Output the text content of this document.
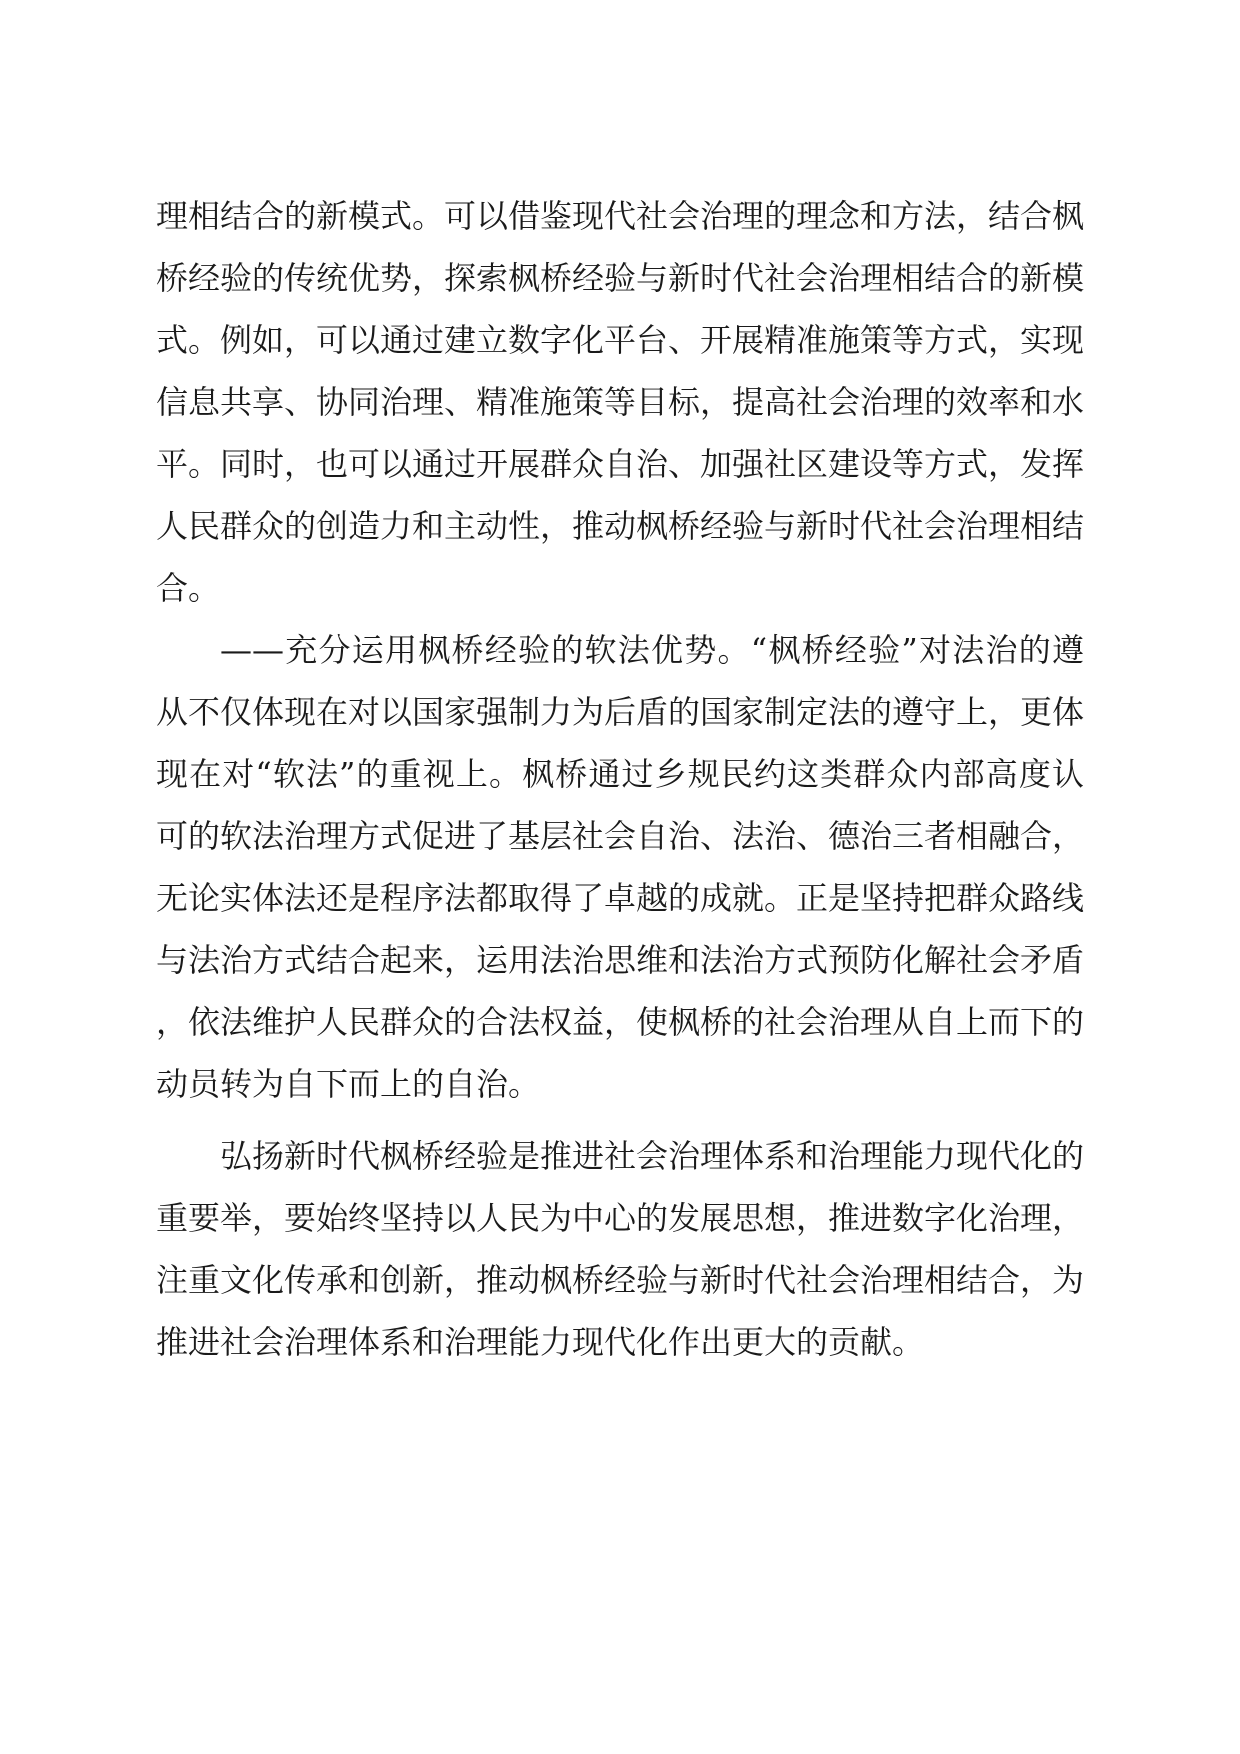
理相结合的新模式。可以借鉴现代社会治理的理念和方法，结合枫桥经验的传统优势，探索枫桥经验与新时代社会治理相结合的新模式。例如，可以通过建立数字化平台、开展精准施策等方式，实现信息共享、协同治理、精准施策等目标，提高社会治理的效率和水平。同时，也可以通过开展群众自治、加强社区建设等方式，发挥人民群众的创造力和主动性，推动枫桥经验与新时代社会治理相结合。

——充分运用枫桥经验的软法优势。“枫桥经验”对法治的遵从不仅体现在对以国家强制力为后盾的国家制定法的遵守上，更体现在对“软法”的重视上。枫桥通过乡规民约这类群众内部高度认可的软法治理方式促进了基层社会自治、法治、德治三者相融合，无论实体法还是程序法都取得了卓越的成就。正是坚持把群众路线与法治方式结合起来，运用法治思维和法治方式预防化解社会矛盾，依法维护人民群众的合法权益，使枫桥的社会治理从自上而下的动员转为自下而上的自治。

弘扬新时代枫桥经验是推进社会治理体系和治理能力现代化的重要举，要始终坚持以人民为中心的发展思想，推进数字化治理，注重文化传承和创新，推动枫桥经验与新时代社会治理相结合，为推进社会治理体系和治理能力现代化作出更大的贡献。
